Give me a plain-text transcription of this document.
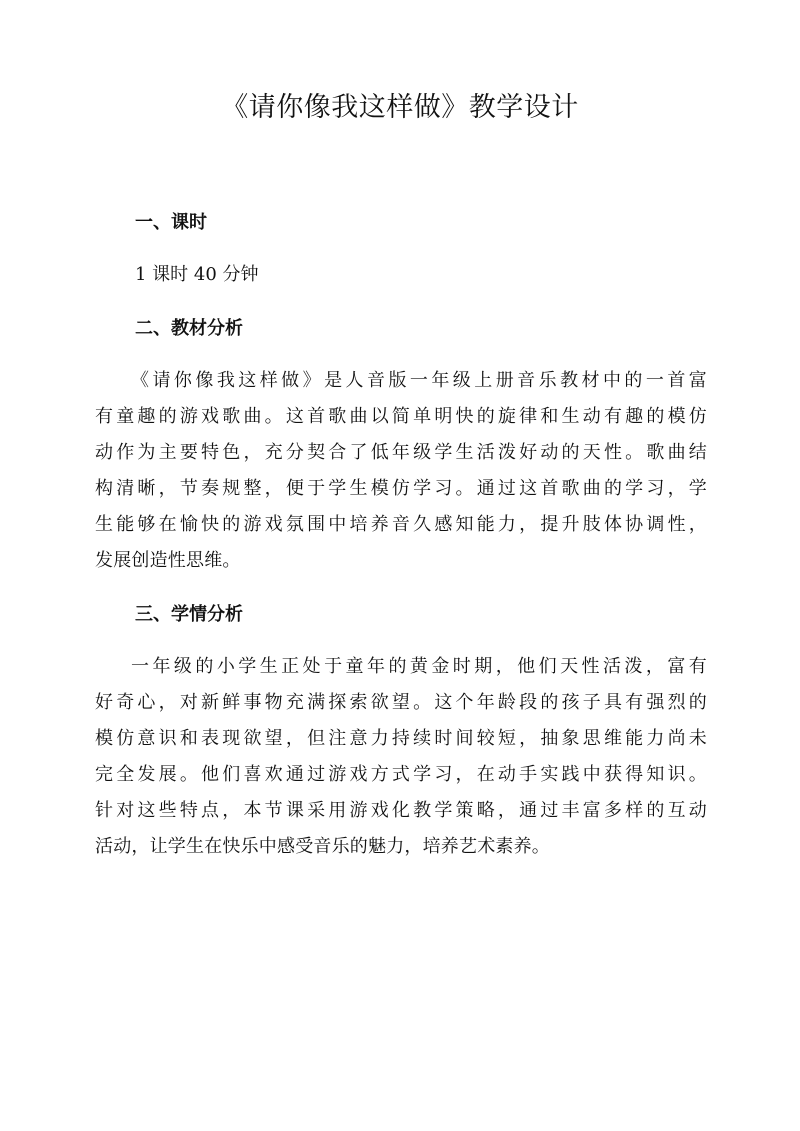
《请你像我这样做》教学设计
一、课时
1 课时 40 分钟
二、教材分析
《请你像我这样做》是人音版一年级上册音乐教材中的一首富
有童趣的游戏歌曲。这首歌曲以简单明快的旋律和生动有趣的模仿
动作为主要特色，充分契合了低年级学生活泼好动的天性。歌曲结
构清晰，节奏规整，便于学生模仿学习。通过这首歌曲的学习，学
生能够在愉快的游戏氛围中培养音久感知能力，提升肢体协调性，
发展创造性思维。
三、学情分析
一年级的小学生正处于童年的黄金时期，他们天性活泼，富有
好奇心，对新鲜事物充满探索欲望。这个年龄段的孩子具有强烈的
模仿意识和表现欲望，但注意力持续时间较短，抽象思维能力尚未
完全发展。他们喜欢通过游戏方式学习，在动手实践中获得知识。
针对这些特点，本节课采用游戏化教学策略，通过丰富多样的互动
活动，让学生在快乐中感受音乐的魅力，培养艺术素养。
